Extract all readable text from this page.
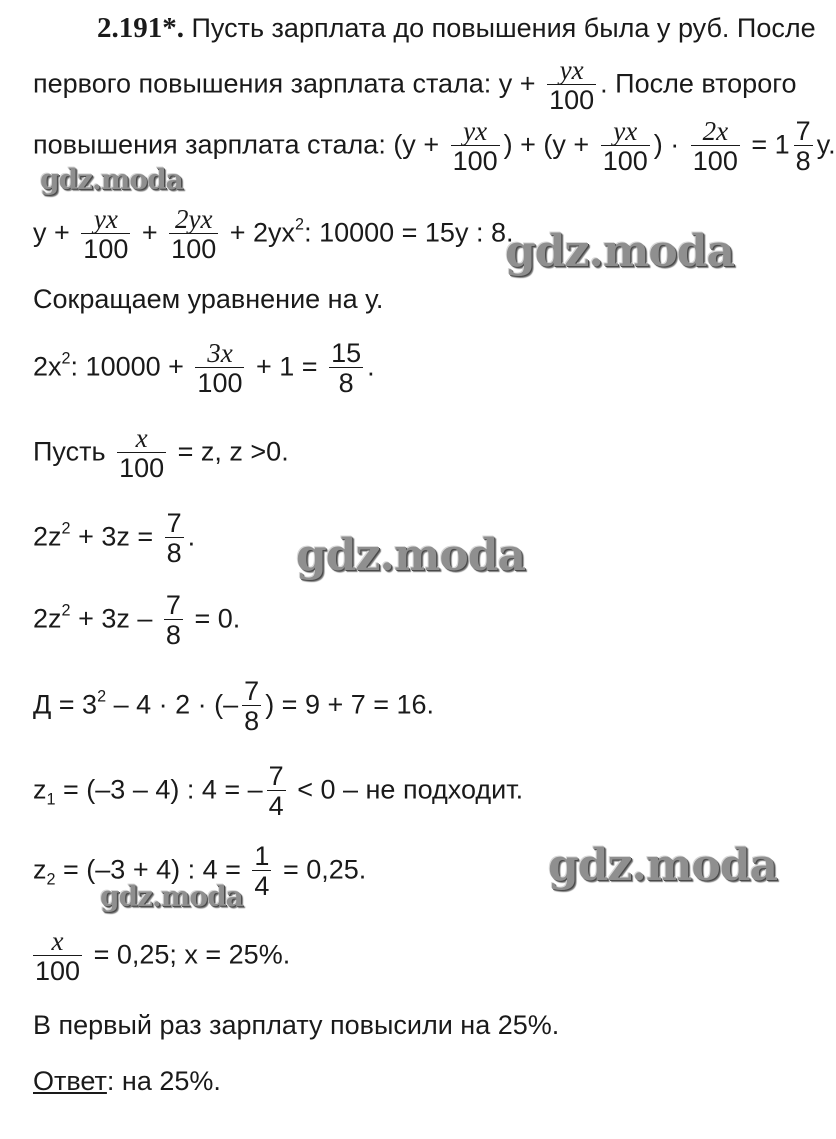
2.191*. Пусть зарплата до повышения была у руб. После
первого повышения зарплата стала: $у + \frac{yx}{100}$ . После второго
повышения зарплата стала: ($у + \frac{yx}{100}$ ) + ($у + \frac{yx}{100}$ ) · $\frac{2x}{100} = 1 \frac{7}{8} y$.
$у + \frac{yx}{100} + \frac{2yx}{100} + 2ух^2$: 10000 = 15у : 8.
Сокращаем уравнение на у.
$2x^2$: $10000 + \frac{3x}{100} + 1 = \frac{15}{8}$ .
Пусть $\frac{x}{100} = z$, z >0.
$2z^2 + 3z = \frac{7}{8}$ .
$2z^2 + 3z - \frac{7}{8} = 0$.
$Д = 3^2 - 4 \cdot 2$ · (– $\frac{7}{8}$ ) = 9 + 7 = 16.
$z_1 = (-3 - 4)$ : 4 = – $\frac{7}{4} < 0$ – не подходит.
$z_2 = (-3 + 4)$ : $4 = \frac{1}{4} = 0,25$.
$\frac{x}{100} = 0,25$; x = 25%.
В первый раз зарплату повысили на 25%.
Ответ: на 25%.
gdz.moda
gdz.moda
gdz.moda
gdz.moda
gdz.moda
